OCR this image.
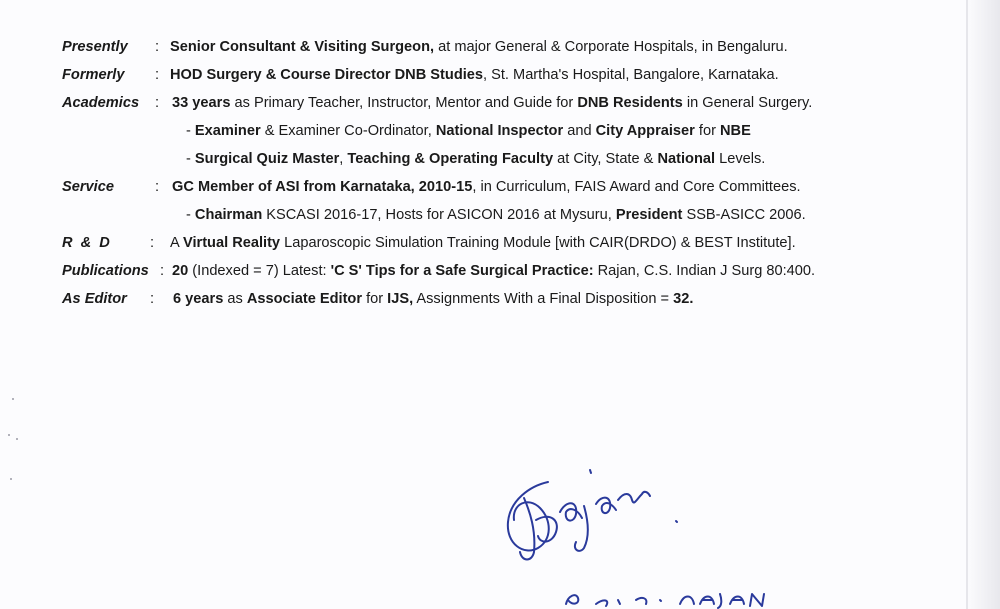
Presently : Senior Consultant & Visiting Surgeon, at major General & Corporate Hospitals, in Bengaluru.
Formerly : HOD Surgery & Course Director DNB Studies, St. Martha's Hospital, Bangalore, Karnataka.
Academics : 33 years as Primary Teacher, Instructor, Mentor and Guide for DNB Residents in General Surgery.
- Examiner & Examiner Co-Ordinator, National Inspector and City Appraiser for NBE
- Surgical Quiz Master, Teaching & Operating Faculty at City, State & National Levels.
Service	: GC Member of ASI from Karnataka, 2010-15, in Curriculum, FAIS Award and Core Committees.
- Chairman KSCASI 2016-17, Hosts for ASICON 2016 at Mysuru, President SSB-ASICC 2006.
R & D	: A Virtual Reality Laparoscopic Simulation Training Module [with CAIR(DRDO) & BEST Institute].
Publications : 20 (Indexed = 7) Latest: 'C S' Tips for a Safe Surgical Practice: Rajan, C.S. Indian J Surg 80:400.
As Editor : 6 years as Associate Editor for IJS, Assignments With a Final Disposition = 32.
Rajan
